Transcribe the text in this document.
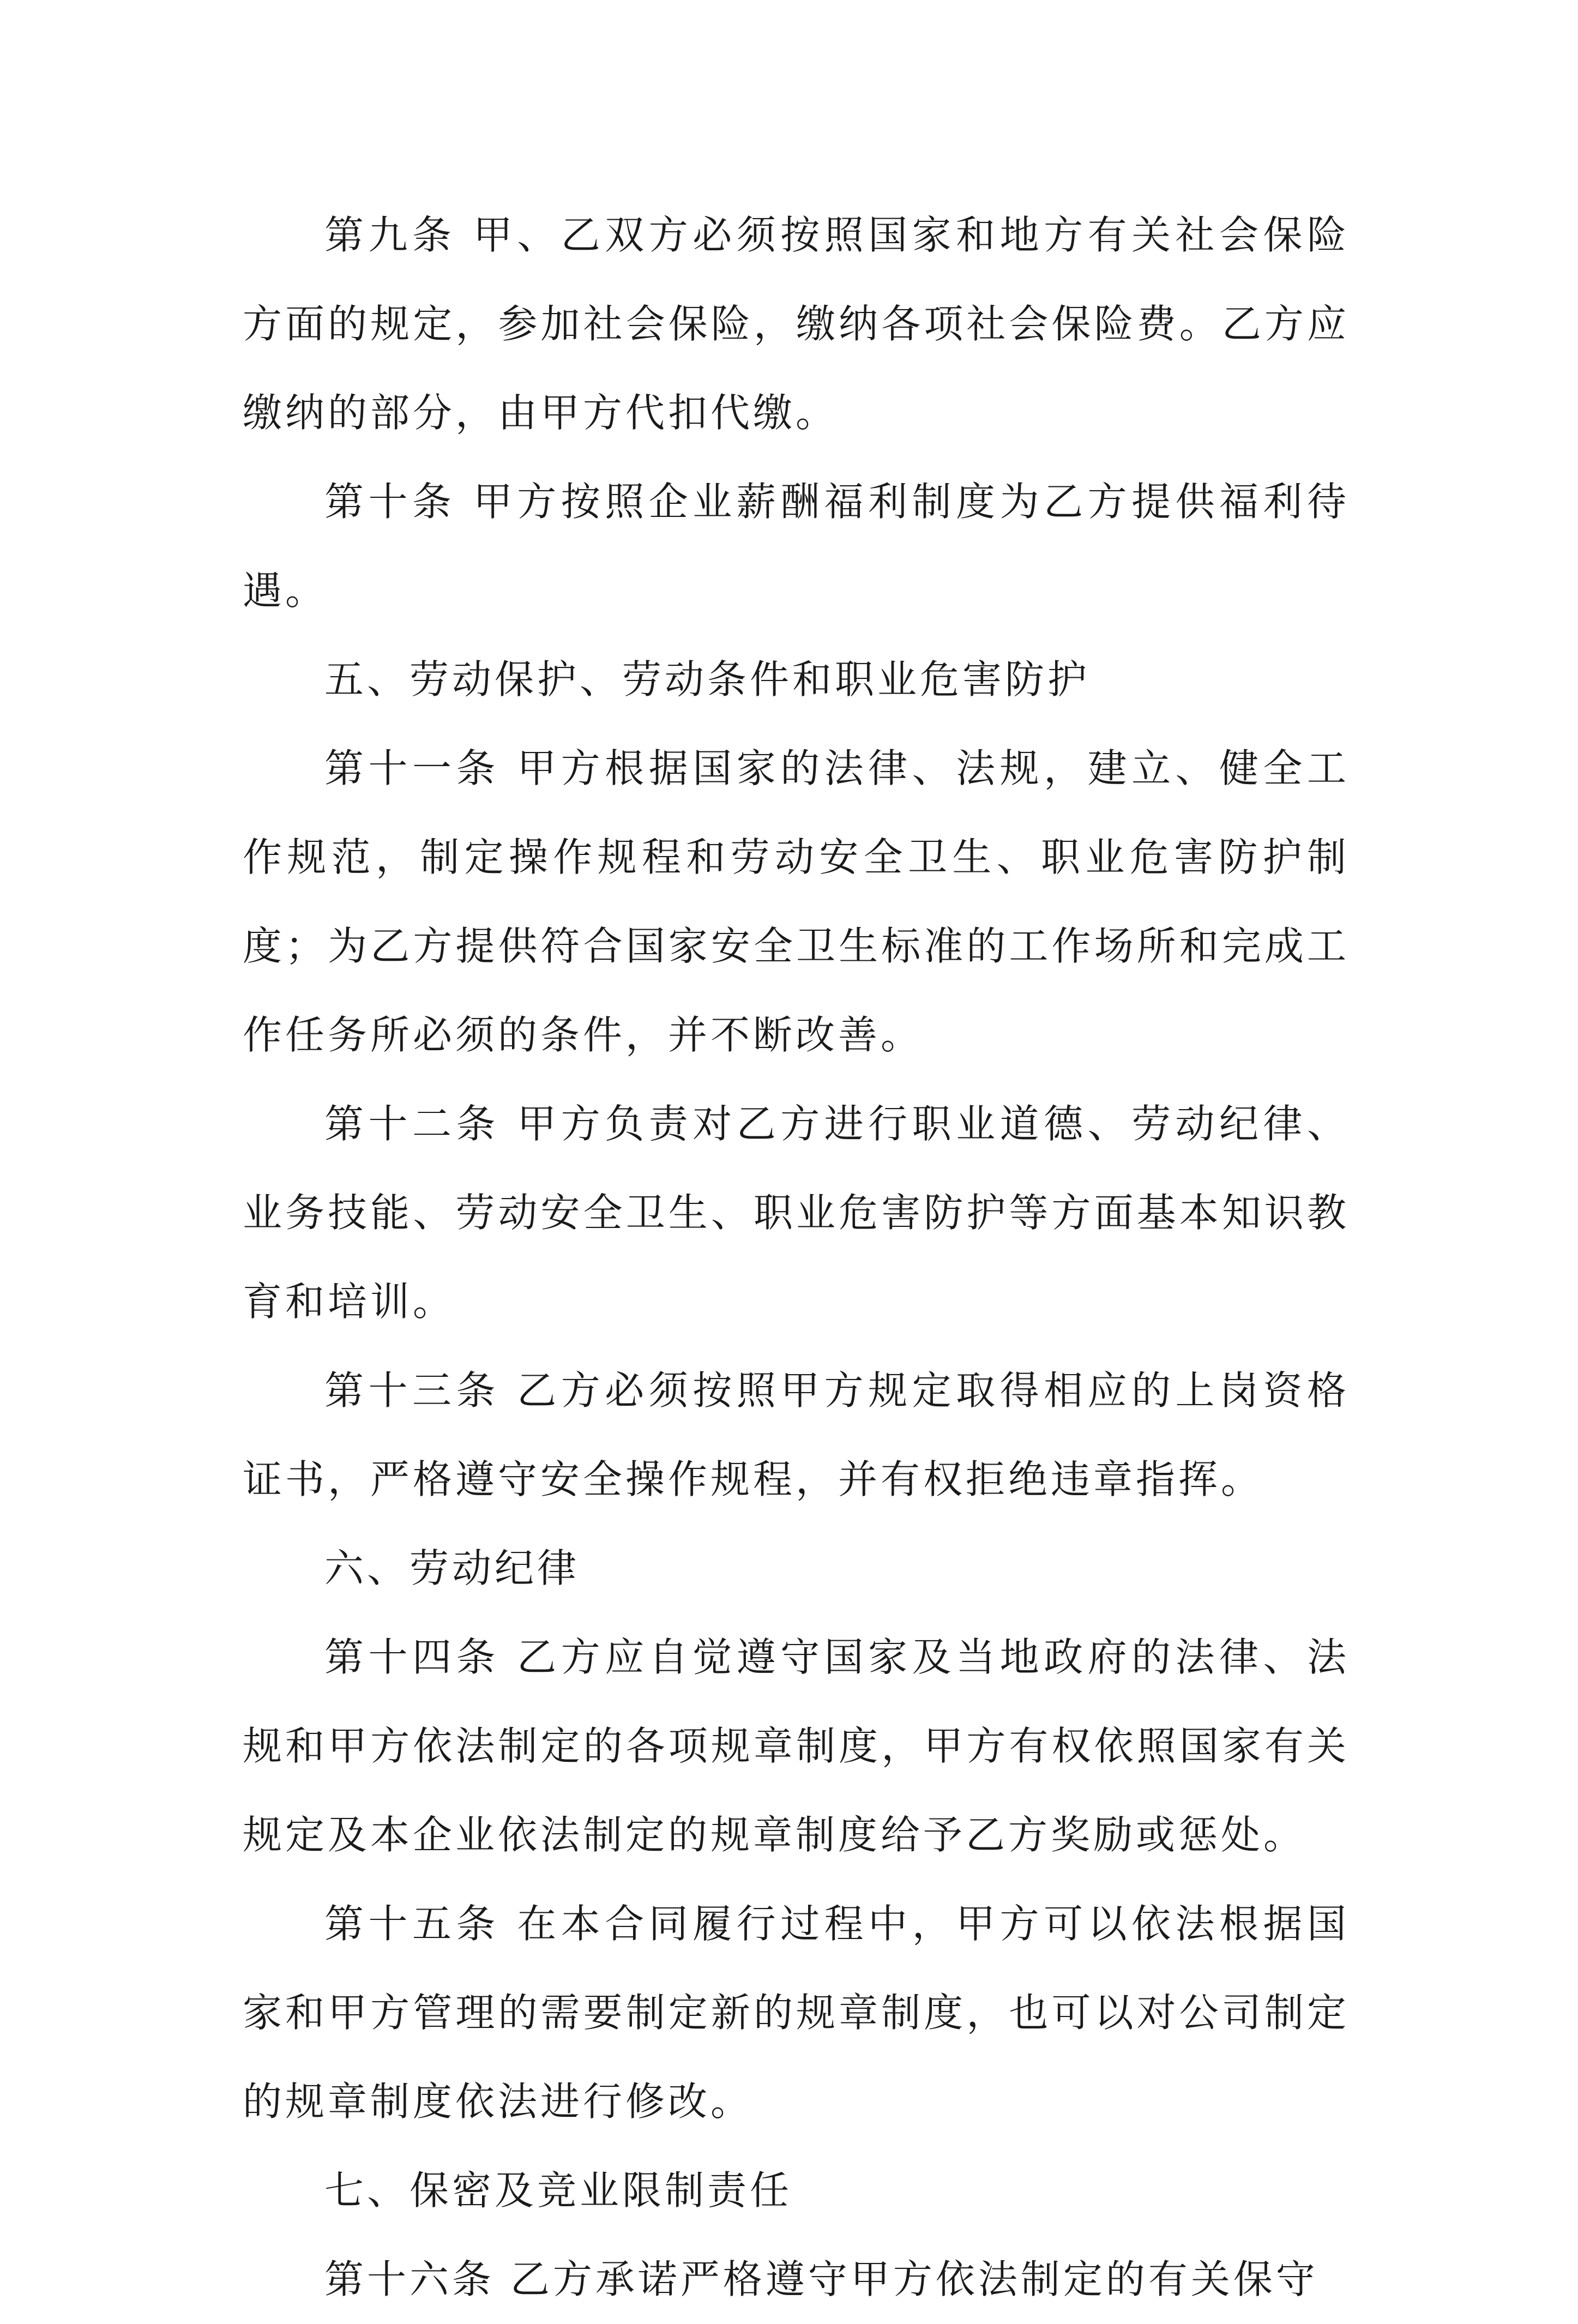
第九条 甲、乙双方必须按照国家和地方有关社会保险方面的规定，参加社会保险，缴纳各项社会保险费。乙方应缴纳的部分，由甲方代扣代缴。

第十条 甲方按照企业薪酬福利制度为乙方提供福利待遇。

五、劳动保护、劳动条件和职业危害防护

第十一条 甲方根据国家的法律、法规，建立、健全工作规范，制定操作规程和劳动安全卫生、职业危害防护制度；为乙方提供符合国家安全卫生标准的工作场所和完成工作任务所必须的条件，并不断改善。

第十二条 甲方负责对乙方进行职业道德、劳动纪律、业务技能、劳动安全卫生、职业危害防护等方面基本知识教育和培训。

第十三条 乙方必须按照甲方规定取得相应的上岗资格证书，严格遵守安全操作规程，并有权拒绝违章指挥。

六、劳动纪律

第十四条 乙方应自觉遵守国家及当地政府的法律、法规和甲方依法制定的各项规章制度，甲方有权依照国家有关规定及本企业依法制定的规章制度给予乙方奖励或惩处。

第十五条 在本合同履行过程中，甲方可以依法根据国家和甲方管理的需要制定新的规章制度，也可以对公司制定的规章制度依法进行修改。

七、保密及竞业限制责任

第十六条 乙方承诺严格遵守甲方依法制定的有关保守
